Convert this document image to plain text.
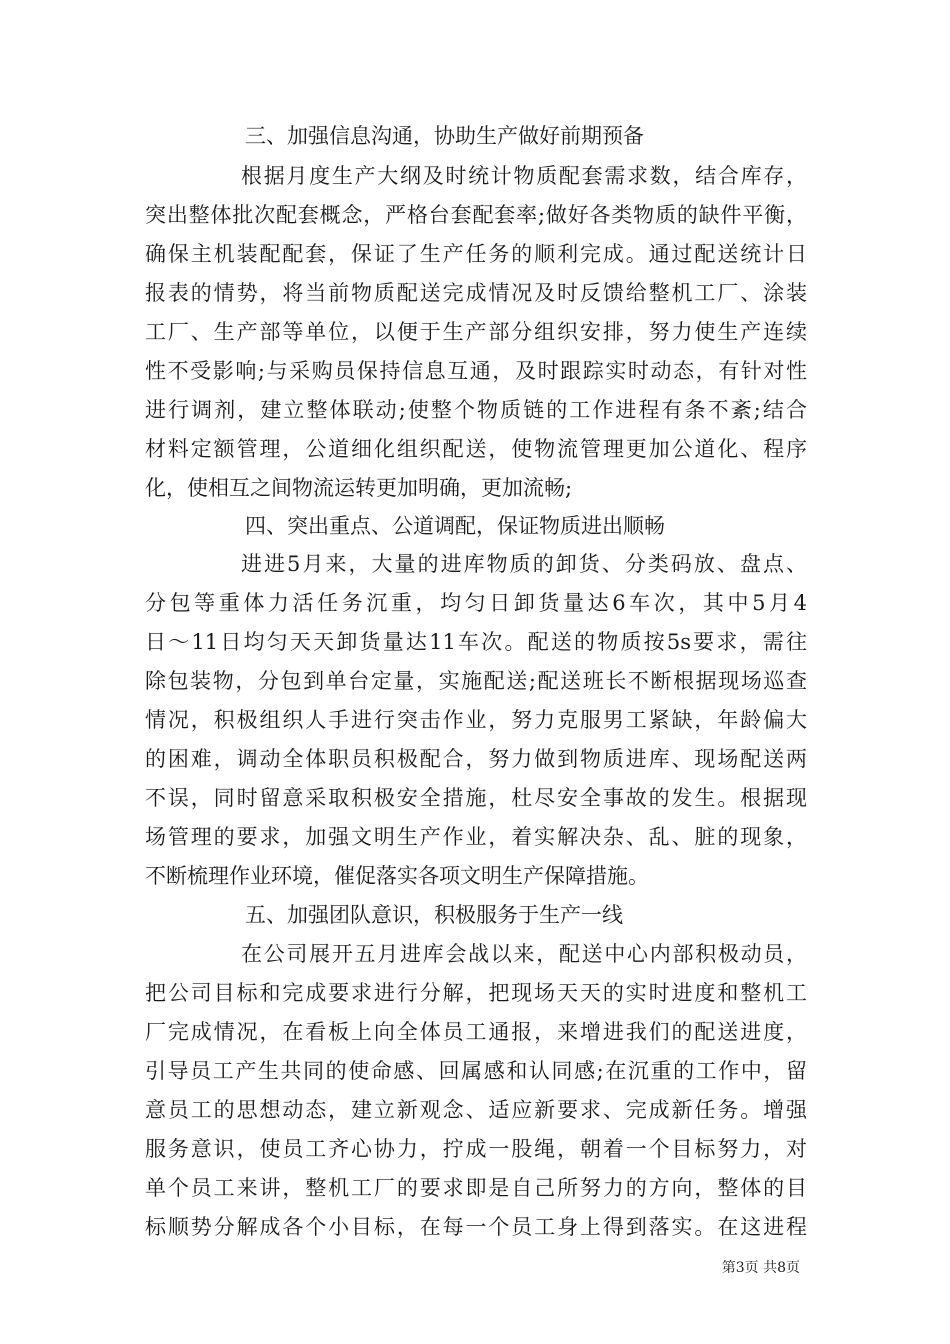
三、加强信息沟通，协助生产做好前期预备
根据月度生产大纲及时统计物质配套需求数，结合库存，
突出整体批次配套概念，严格台套配套率;做好各类物质的缺件平衡，
确保主机装配配套，保证了生产任务的顺利完成。通过配送统计日
报表的情势，将当前物质配送完成情况及时反馈给整机工厂、涂装
工厂、生产部等单位，以便于生产部分组织安排，努力使生产连续
性不受影响;与采购员保持信息互通，及时跟踪实时动态，有针对性
进行调剂，建立整体联动;使整个物质链的工作进程有条不紊;结合
材料定额管理，公道细化组织配送，使物流管理更加公道化、程序
化，使相互之间物流运转更加明确，更加流畅;
四、突出重点、公道调配，保证物质进出顺畅
进进5月来，大量的进库物质的卸货、分类码放、盘点、
分包等重体力活任务沉重，均匀日卸货量达6车次，其中5月4
日～11日均匀天天卸货量达11车次。配送的物质按5s要求，需往
除包装物，分包到单台定量，实施配送;配送班长不断根据现场巡查
情况，积极组织人手进行突击作业，努力克服男工紧缺，年龄偏大
的困难，调动全体职员积极配合，努力做到物质进库、现场配送两
不误，同时留意采取积极安全措施，杜尽安全事故的发生。根据现
场管理的要求，加强文明生产作业，着实解决杂、乱、脏的现象，
不断梳理作业环境，催促落实各项文明生产保障措施。
五、加强团队意识，积极服务于生产一线
在公司展开五月进库会战以来，配送中心内部积极动员，
把公司目标和完成要求进行分解，把现场天天的实时进度和整机工
厂完成情况，在看板上向全体员工通报，来增进我们的配送进度，
引导员工产生共同的使命感、回属感和认同感;在沉重的工作中，留
意员工的思想动态，建立新观念、适应新要求、完成新任务。增强
服务意识，使员工齐心协力，拧成一股绳，朝着一个目标努力，对
单个员工来讲，整机工厂的要求即是自己所努力的方向，整体的目
标顺势分解成各个小目标，在每一个员工身上得到落实。在这进程
第3页 共8页
